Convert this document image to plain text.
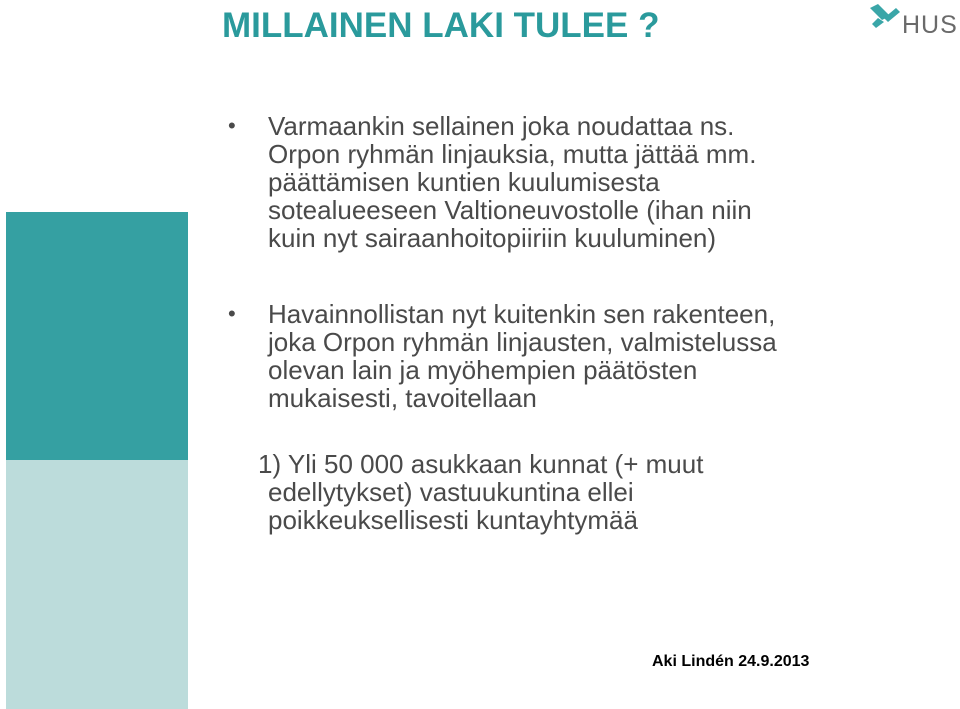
MILLAINEN LAKI TULEE ?	HUS
• Varmaankin sellainen joka noudattaa ns.
Orpon ryhmän linjauksia, mutta jättää mm.
päättämisen kuntien kuulumisesta
sotealueeseen Valtioneuvostolle (ihan niin
kuin nyt sairaanhoitopiiriin kuuluminen)
• Havainnollistan nyt kuitenkin sen rakenteen,
joka Orpon ryhmän linjausten, valmistelussa
olevan lain ja myöhempien päätösten
mukaisesti, tavoitellaan
1) Yli 50 000 asukkaan kunnat (+ muut
edellytykset) vastuukuntina ellei
poikkeuksellisesti kuntayhtymää
Aki Lindén 24.9.2013
